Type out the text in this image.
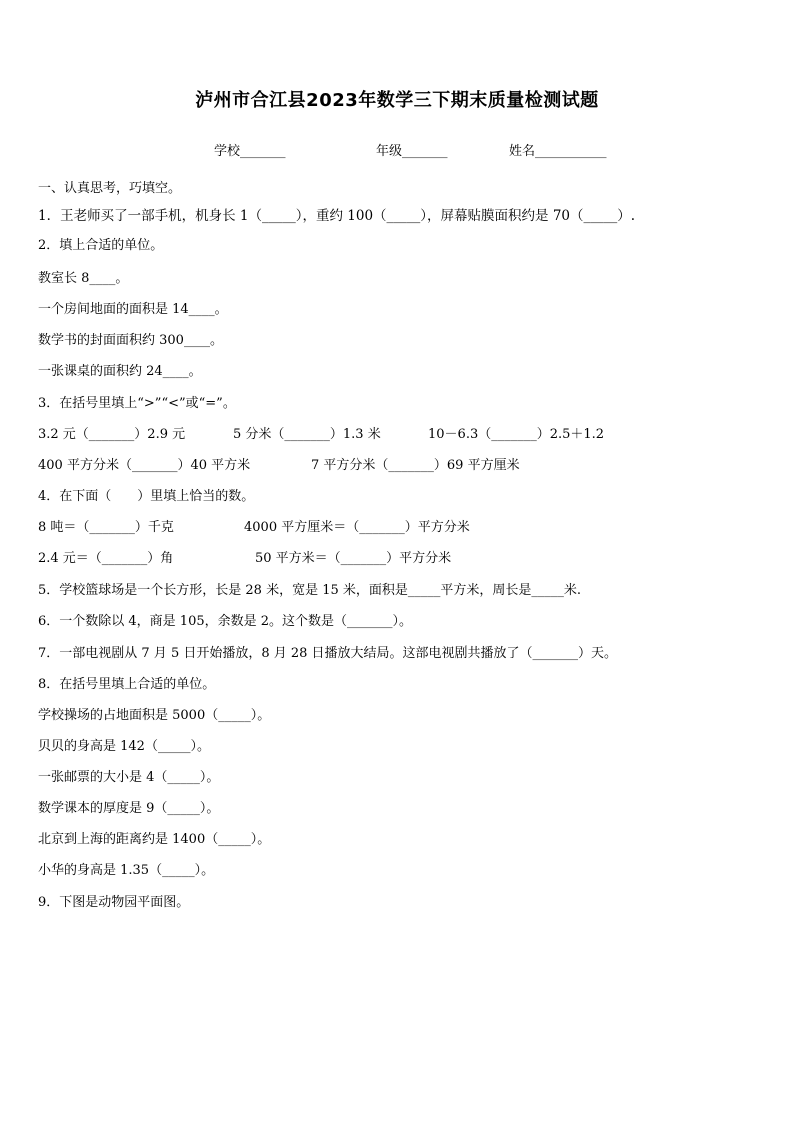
泸州市合江县2023年数学三下期末质量检测试题
学校_______	年级_______	姓名___________
一、认真思考，巧填空。
1．王老师买了一部手机，机身长 1（_____），重约 100（_____），屏幕贴膜面积约是 70（_____）.
2．填上合适的单位。
教室长 8____。
一个房间地面的面积是 14____。
数学书的封面面积约 300____。
一张课桌的面积约 24____。
3．在括号里填上“>”“<”或“=”。
3.2 元（_______）2.9 元	5 分米（_______）1.3 米	10－6.3（_______）2.5＋1.2
400 平方分米（_______）40 平方米	7 平方分米（_______）69 平方厘米
4．在下面（　　）里填上恰当的数。
8 吨＝（_______）千克	4000 平方厘米＝（_______）平方分米
2.4 元＝（_______）角	50 平方米＝（_______）平方分米
5．学校篮球场是一个长方形，长是 28 米，宽是 15 米，面积是_____平方米，周长是_____米.
6．一个数除以 4，商是 105，余数是 2。这个数是（_______）。
7．一部电视剧从 7 月 5 日开始播放，8 月 28 日播放大结局。这部电视剧共播放了（_______）天。
8．在括号里填上合适的单位。
学校操场的占地面积是 5000（_____）。
贝贝的身高是 142（_____）。
一张邮票的大小是 4（_____）。
数学课本的厚度是 9（_____）。
北京到上海的距离约是 1400（_____）。
小华的身高是 1.35（_____）。
9．下图是动物园平面图。
